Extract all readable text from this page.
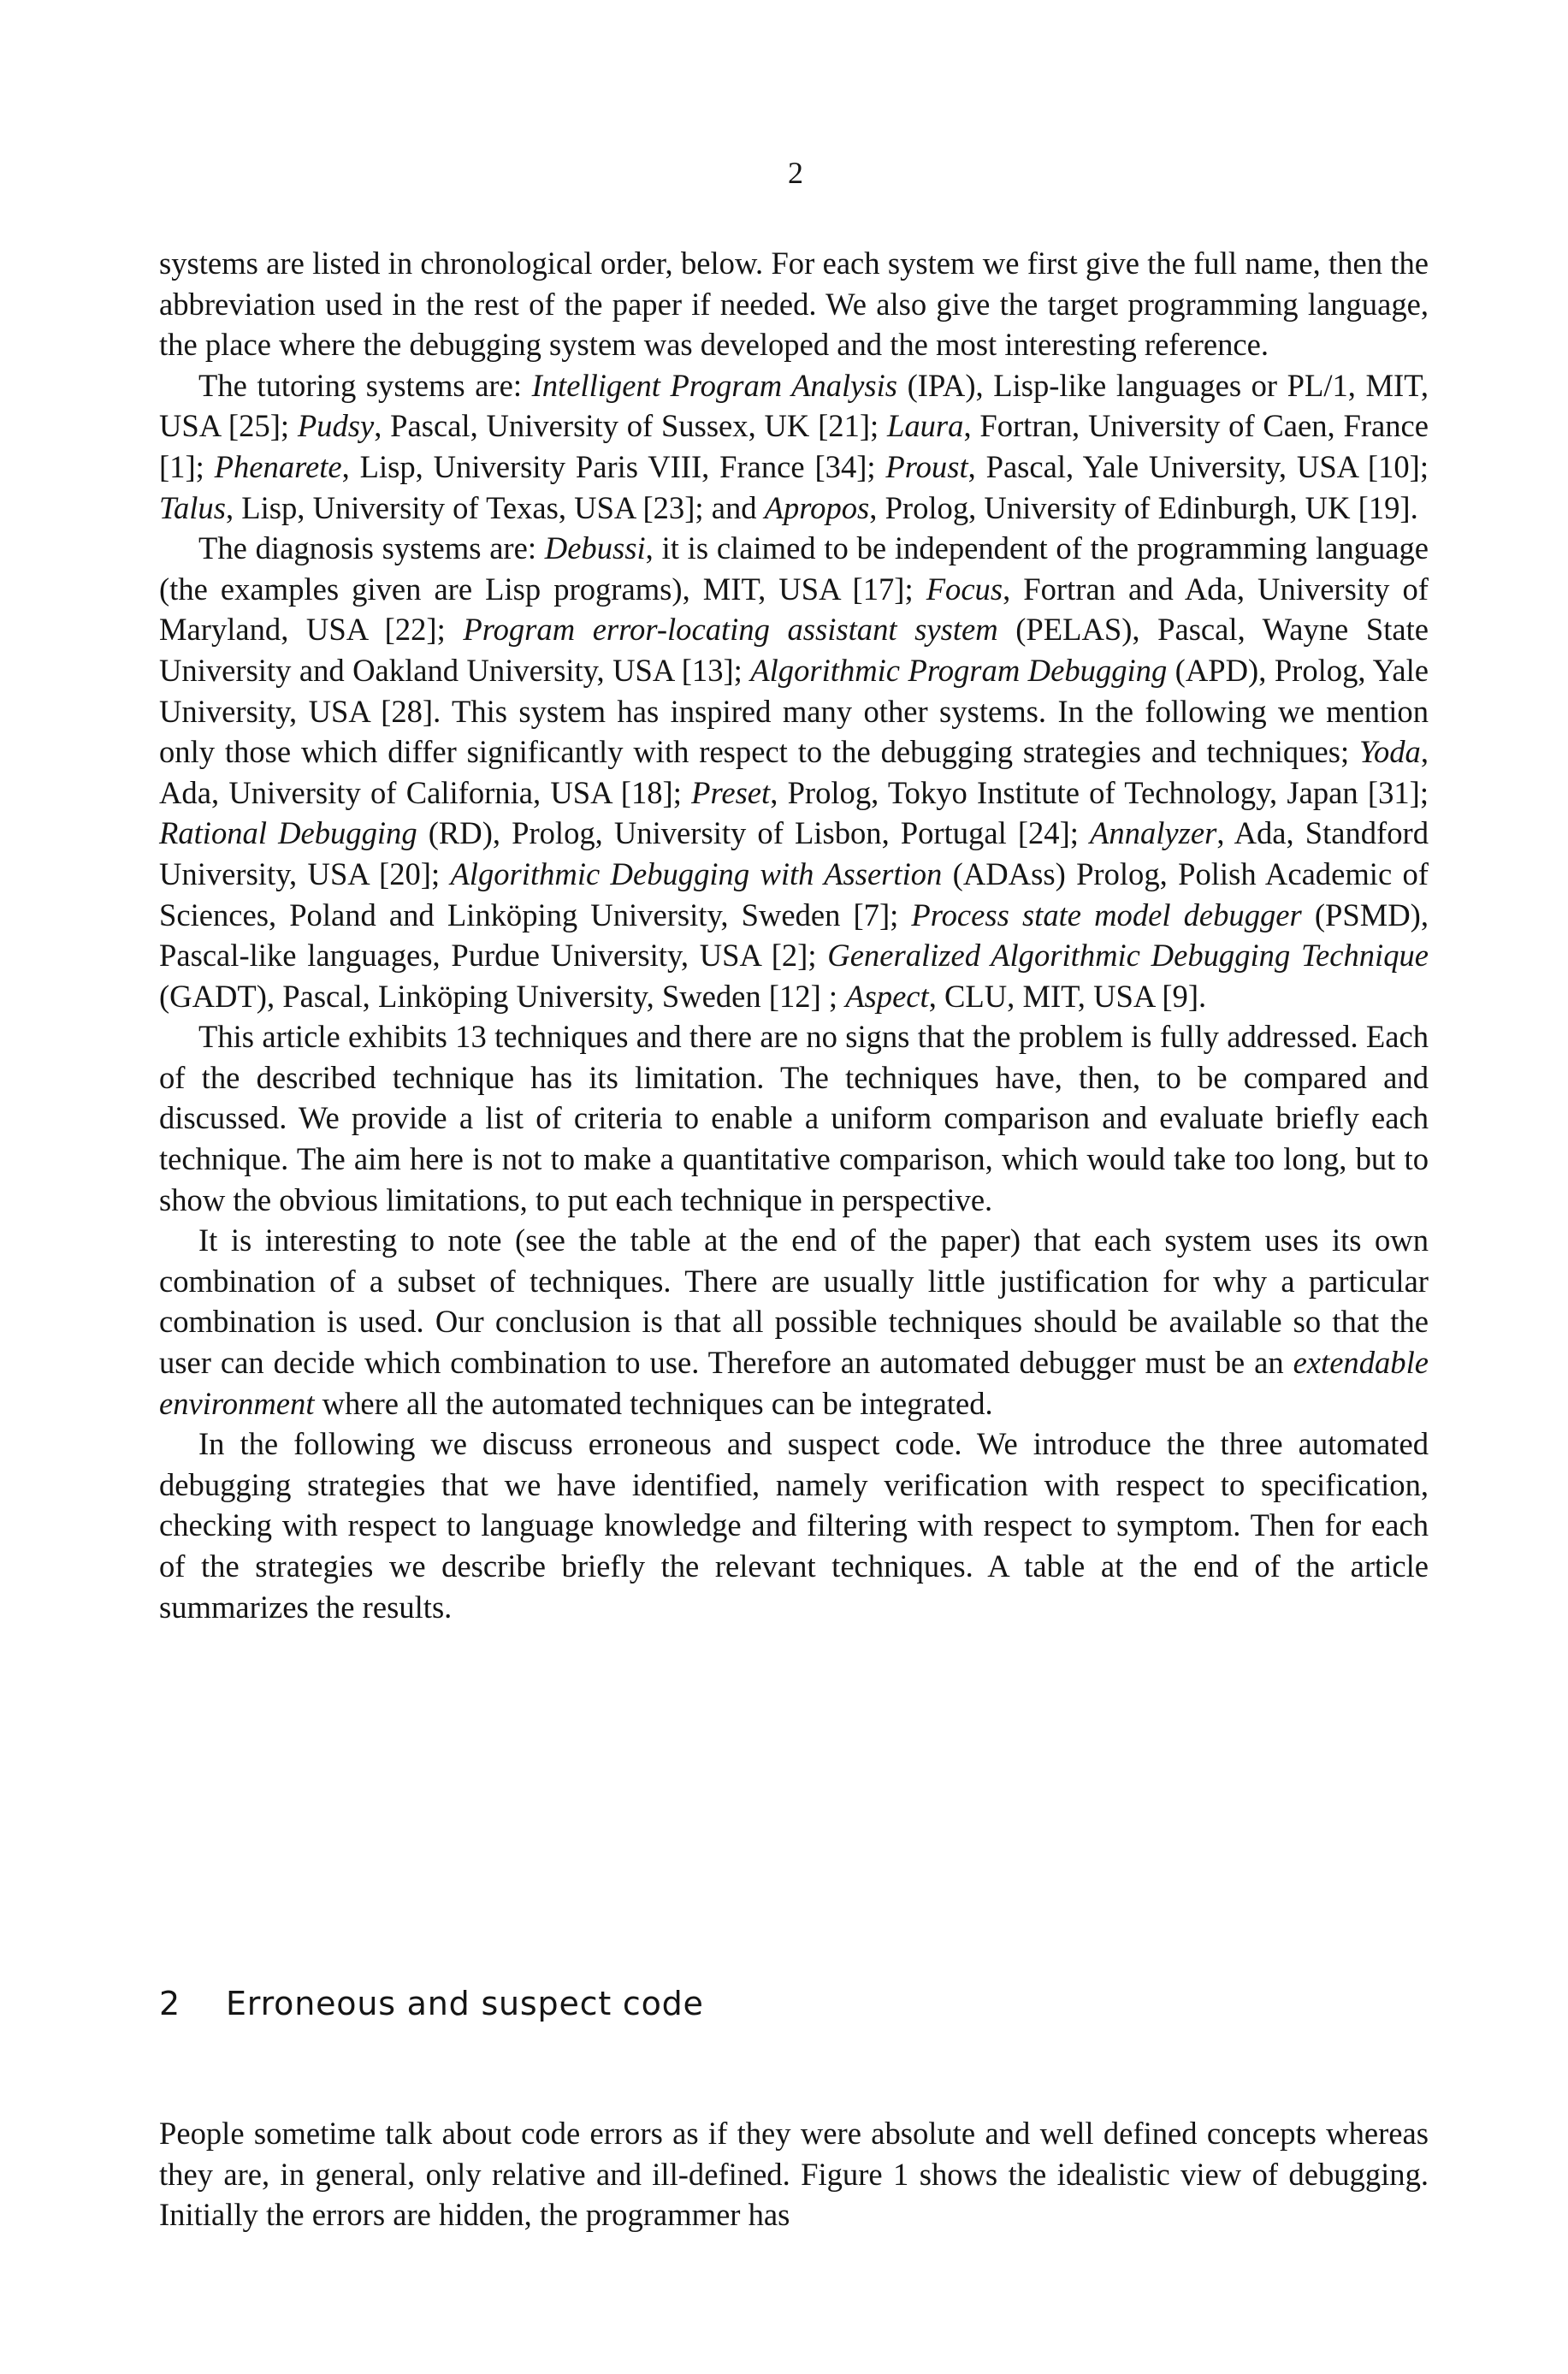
2

systems are listed in chronological order, below. For each system we first give the full name, then the abbreviation used in the rest of the paper if needed. We also give the target programming language, the place where the debugging system was developed and the most interesting reference.

The tutoring systems are: Intelligent Program Analysis (IPA), Lisp-like languages or PL/1, MIT, USA [25]; Pudsy, Pascal, University of Sussex, UK [21]; Laura, Fortran, University of Caen, France [1]; Phenarete, Lisp, University Paris VIII, France [34]; Proust, Pascal, Yale University, USA [10]; Talus, Lisp, University of Texas, USA [23]; and Apropos, Prolog, University of Edinburgh, UK [19].

The diagnosis systems are: Debussi, it is claimed to be independent of the programming language (the examples given are Lisp programs), MIT, USA [17]; Focus, Fortran and Ada, University of Maryland, USA [22]; Program error-locating assistant system (PELAS), Pascal, Wayne State University and Oakland University, USA [13]; Algorithmic Program Debugging (APD), Prolog, Yale University, USA [28]. This system has inspired many other systems. In the following we mention only those which differ significantly with respect to the debugging strategies and techniques; Yoda, Ada, University of California, USA [18]; Preset, Prolog, Tokyo Institute of Technology, Japan [31]; Rational Debugging (RD), Prolog, University of Lisbon, Portugal [24]; Annalyzer, Ada, Standford University, USA [20]; Algorithmic Debugging with Assertion (ADAss) Prolog, Polish Academic of Sciences, Poland and Linköping University, Sweden [7]; Process state model debugger (PSMD), Pascal-like languages, Purdue University, USA [2]; Generalized Algorithmic Debugging Technique (GADT), Pascal, Linköping University, Sweden [12] ; Aspect, CLU, MIT, USA [9].

This article exhibits 13 techniques and there are no signs that the problem is fully addressed. Each of the described technique has its limitation. The techniques have, then, to be compared and discussed. We provide a list of criteria to enable a uniform comparison and evaluate briefly each technique. The aim here is not to make a quantitative comparison, which would take too long, but to show the obvious limitations, to put each technique in perspective.

It is interesting to note (see the table at the end of the paper) that each system uses its own combination of a subset of techniques. There are usually little justification for why a particular combination is used. Our conclusion is that all possible techniques should be available so that the user can decide which combination to use. Therefore an automated debugger must be an extendable environment where all the automated techniques can be integrated.

In the following we discuss erroneous and suspect code. We introduce the three automated debugging strategies that we have identified, namely verification with respect to specification, checking with respect to language knowledge and filtering with respect to symptom. Then for each of the strategies we describe briefly the relevant techniques. A table at the end of the article summarizes the results.

2 Erroneous and suspect code

People sometime talk about code errors as if they were absolute and well defined concepts whereas they are, in general, only relative and ill-defined. Figure 1 shows the idealistic view of debugging. Initially the errors are hidden, the programmer has
